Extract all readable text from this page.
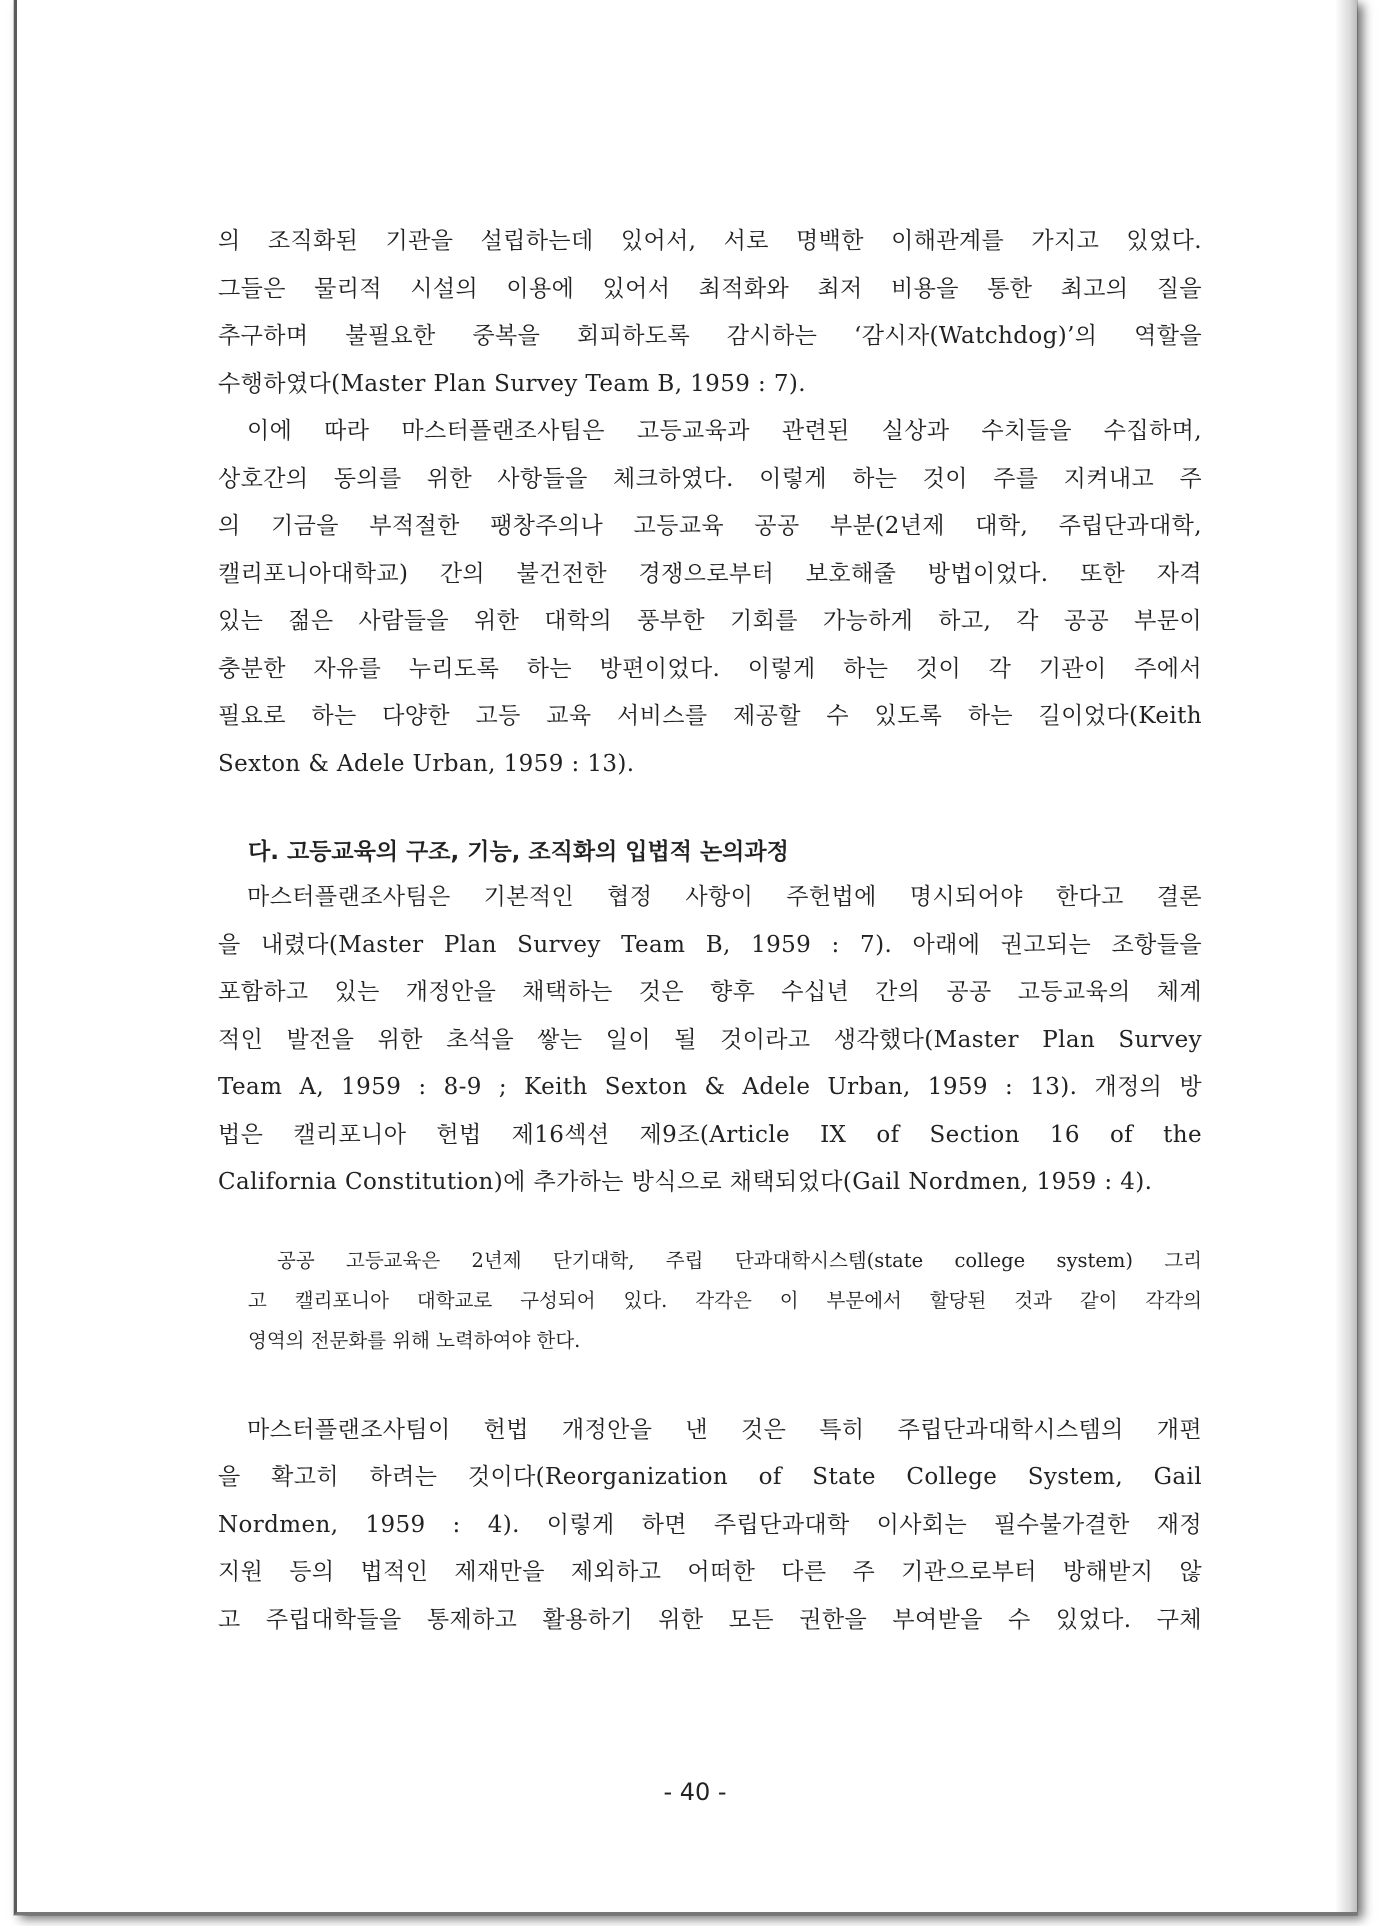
의 조직화된 기관을 설립하는데 있어서, 서로 명백한 이해관계를 가지고 있었다.
그들은 물리적 시설의 이용에 있어서 최적화와 최저 비용을 통한 최고의 질을
추구하며 불필요한 중복을 회피하도록 감시하는 ‘감시자(Watchdog)’의 역할을
수행하였다(Master Plan Survey Team B, 1959 : 7).
이에 따라 마스터플랜조사팀은 고등교육과 관련된 실상과 수치들을 수집하며,
상호간의 동의를 위한 사항들을 체크하였다. 이렇게 하는 것이 주를 지켜내고 주
의 기금을 부적절한 팽창주의나 고등교육 공공 부분(2년제 대학, 주립단과대학,
캘리포니아대학교) 간의 불건전한 경쟁으로부터 보호해줄 방법이었다. 또한 자격
있는 젊은 사람들을 위한 대학의 풍부한 기회를 가능하게 하고, 각 공공 부문이
충분한 자유를 누리도록 하는 방편이었다. 이렇게 하는 것이 각 기관이 주에서
필요로 하는 다양한 고등 교육 서비스를 제공할 수 있도록 하는 길이었다(Keith
Sexton & Adele Urban, 1959 : 13).
다. 고등교육의 구조, 기능, 조직화의 입법적 논의과정
마스터플랜조사팀은 기본적인 협정 사항이 주헌법에 명시되어야 한다고 결론
을 내렸다(Master Plan Survey Team B, 1959 : 7). 아래에 권고되는 조항들을
포함하고 있는 개정안을 채택하는 것은 향후 수십년 간의 공공 고등교육의 체계
적인 발전을 위한 초석을 쌓는 일이 될 것이라고 생각했다(Master Plan Survey
Team A, 1959 : 8-9 ; Keith Sexton & Adele Urban, 1959 : 13). 개정의 방
법은 캘리포니아 헌법 제16섹션 제9조(Article IX of Section 16 of the
California Constitution)에 추가하는 방식으로 채택되었다(Gail Nordmen, 1959 : 4).
공공 고등교육은 2년제 단기대학, 주립 단과대학시스템(state college system) 그리
고 캘리포니아 대학교로 구성되어 있다. 각각은 이 부문에서 할당된 것과 같이 각각의
영역의 전문화를 위해 노력하여야 한다.
마스터플랜조사팀이 헌법 개정안을 낸 것은 특히 주립단과대학시스템의 개편
을 확고히 하려는 것이다(Reorganization of State College System, Gail
Nordmen, 1959 : 4). 이렇게 하면 주립단과대학 이사회는 필수불가결한 재정
지원 등의 법적인 제재만을 제외하고 어떠한 다른 주 기관으로부터 방해받지 않
고 주립대학들을 통제하고 활용하기 위한 모든 권한을 부여받을 수 있었다. 구체
- 40 -
